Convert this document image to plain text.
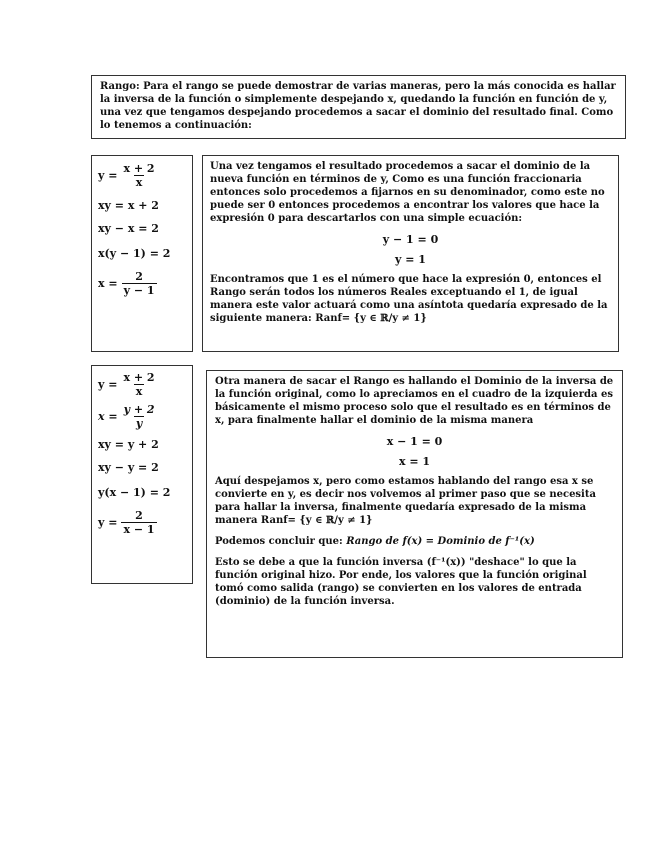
Rango: Para el rango se puede demostrar de varias maneras, pero la más conocida es hallar la inversa de la función o simplemente despejando x, quedando la función en función de y, una vez que tengamos despejando procedemos a sacar el dominio del resultado final. Como lo tenemos a continuación:

$y = \frac{x + 2}{x}$
xy = x + 2
xy − x = 2
x(y − 1) = 2
$x = \frac{2}{y - 1}$

Una vez tengamos el resultado procedemos a sacar el dominio de la nueva función en términos de y, Como es una función fraccionaria entonces solo procedemos a fijarnos en su denominador, como este no puede ser 0 entonces procedemos a encontrar los valores que hace la expresión 0 para descartarlos con una simple ecuación:

y − 1 = 0
y = 1

Encontramos que 1 es el número que hace la expresión 0, entonces el Rango serán todos los números Reales exceptuando el 1, de igual manera este valor actuará como una asíntota quedaría expresado de la siguiente manera: Ranf= {y ∈ ℝ/y ≠ 1}

$y = \frac{x + 2}{x}$
$x = \frac{y + 2}{y}$
xy = y + 2
xy − y = 2
y(x − 1) = 2
$y = \frac{2}{x - 1}$

Otra manera de sacar el Rango es hallando el Dominio de la inversa de la función original, como lo apreciamos en el cuadro de la izquierda es básicamente el mismo proceso solo que el resultado es en términos de x, para finalmente hallar el dominio de la misma manera

x − 1 = 0
x = 1

Aquí despejamos x, pero como estamos hablando del rango esa x se convierte en y, es decir nos volvemos al primer paso que se necesita para hallar la inversa, finalmente quedaría expresado de la misma manera Ranf= {y ∈ ℝ/y ≠ 1}

Podemos concluir que: Rango de f(x) = Dominio de f⁻¹(x)

Esto se debe a que la función inversa (f⁻¹(x)) "deshace" lo que la función original hizo. Por ende, los valores que la función original tomó como salida (rango) se convierten en los valores de entrada (dominio) de la función inversa.
